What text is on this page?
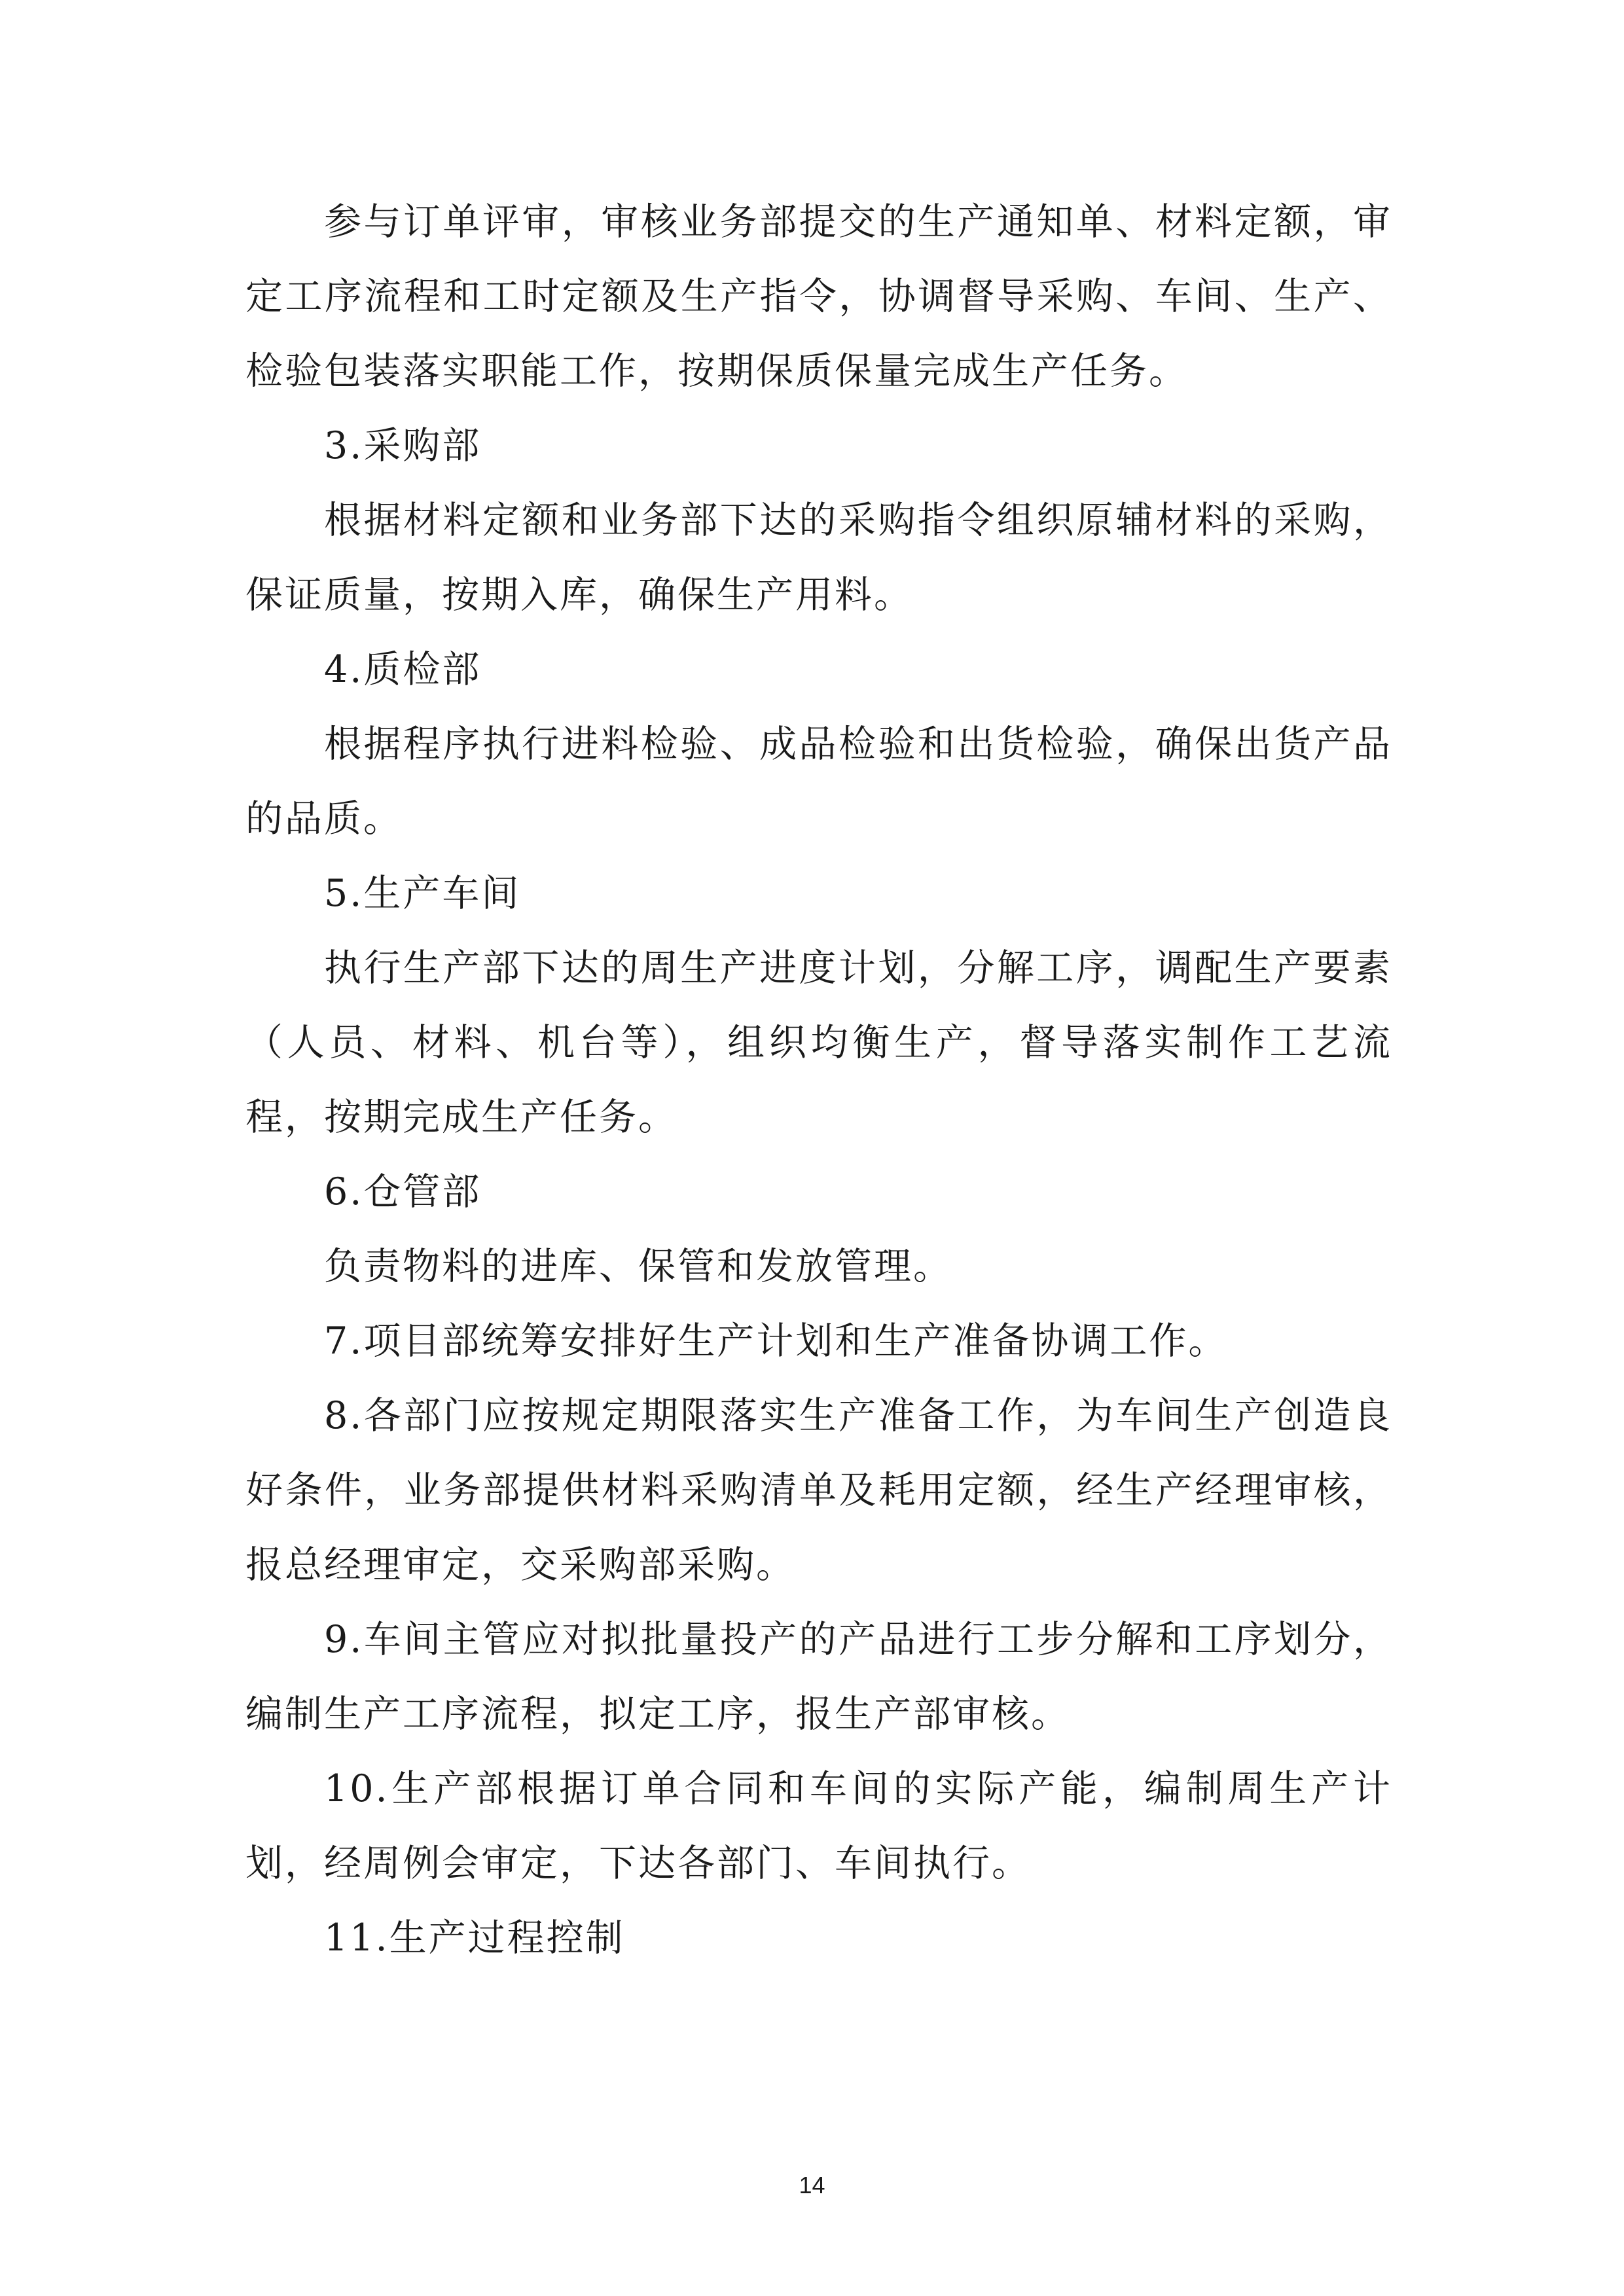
参与订单评审，审核业务部提交的生产通知单、材料定额，审定工序流程和工时定额及生产指令，协调督导采购、车间、生产、检验包装落实职能工作，按期保质保量完成生产任务。

3.采购部

根据材料定额和业务部下达的采购指令组织原辅材料的采购，保证质量，按期入库，确保生产用料。

4.质检部

根据程序执行进料检验、成品检验和出货检验，确保出货产品的品质。

5.生产车间

执行生产部下达的周生产进度计划，分解工序，调配生产要素（人员、材料、机台等），组织均衡生产，督导落实制作工艺流程，按期完成生产任务。

6.仓管部

负责物料的进库、保管和发放管理。

7.项目部统筹安排好生产计划和生产准备协调工作。

8.各部门应按规定期限落实生产准备工作，为车间生产创造良好条件，业务部提供材料采购清单及耗用定额，经生产经理审核，报总经理审定，交采购部采购。

9.车间主管应对拟批量投产的产品进行工步分解和工序划分，编制生产工序流程，拟定工序，报生产部审核。

10.生产部根据订单合同和车间的实际产能，编制周生产计划，经周例会审定，下达各部门、车间执行。

11.生产过程控制

14
